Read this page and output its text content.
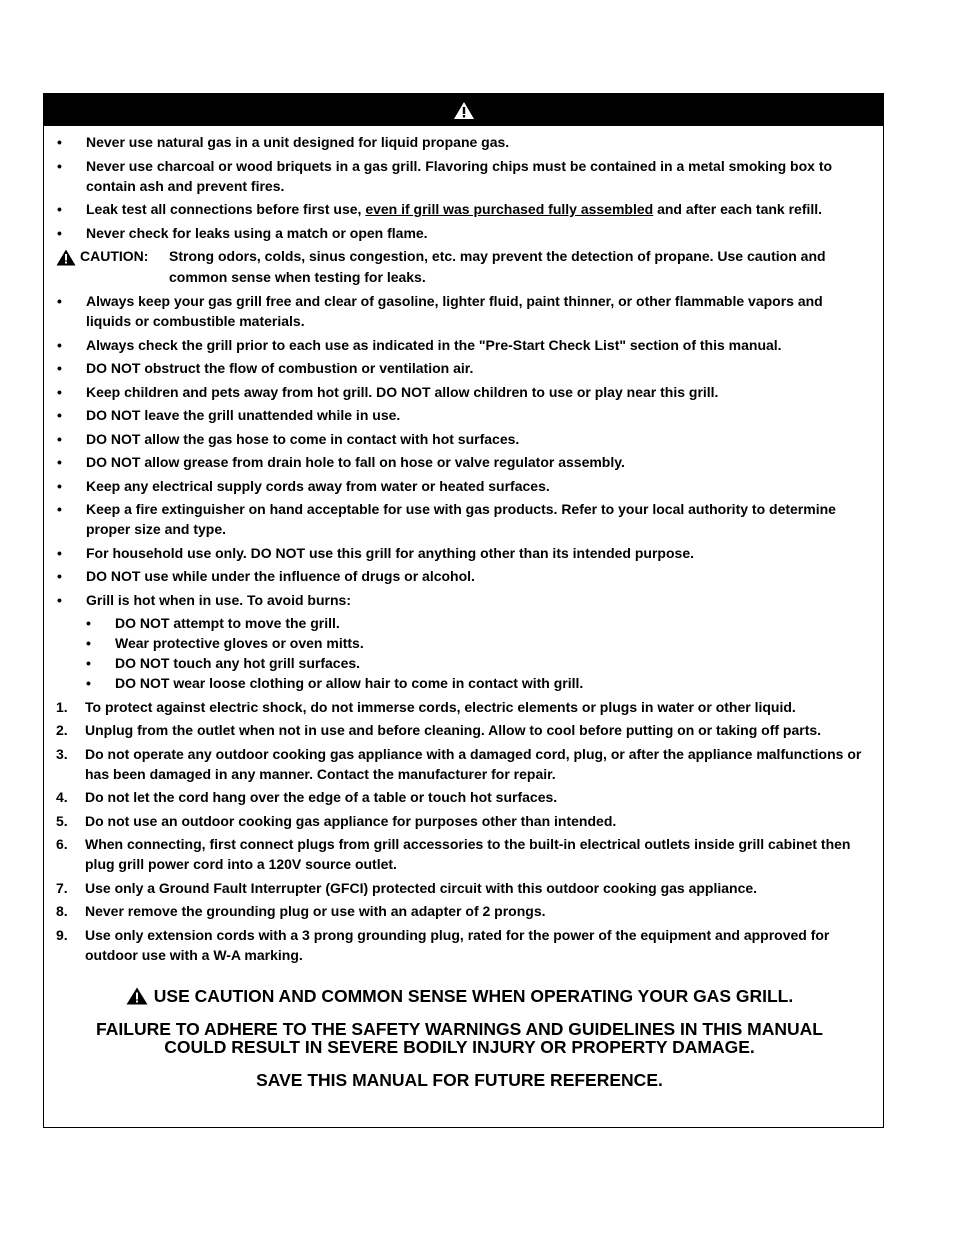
•	Never use natural gas in a unit designed for liquid propane gas.
•	Never use charcoal or wood briquets in a gas grill. Flavoring chips must be contained in a metal smoking box to contain ash and prevent fires.
•	Leak test all connections before first use, even if grill was purchased fully assembled and after each tank refill.
•	Never check for leaks using a match or open flame.
CAUTION: Strong odors, colds, sinus congestion, etc. may prevent the detection of propane. Use caution and common sense when testing for leaks.
•	Always keep your gas grill free and clear of gasoline, lighter fluid, paint thinner, or other flammable vapors and liquids or combustible materials.
•	Always check the grill prior to each use as indicated in the "Pre-Start Check List" section of this manual.
•	DO NOT obstruct the flow of combustion or ventilation air.
•	Keep children and pets away from hot grill. DO NOT allow children to use or play near this grill.
•	DO NOT leave the grill unattended while in use.
•	DO NOT allow the gas hose to come in contact with hot surfaces.
•	DO NOT allow grease from drain hole to fall on hose or valve regulator assembly.
•	Keep any electrical supply cords away from water or heated surfaces.
•	Keep a fire extinguisher on hand acceptable for use with gas products. Refer to your local authority to determine proper size and type.
•	For household use only. DO NOT use this grill for anything other than its intended purpose.
•	DO NOT use while under the influence of drugs or alcohol.
•	Grill is hot when in use. To avoid burns:
•	DO NOT attempt to move the grill.
•	Wear protective gloves or oven mitts.
•	DO NOT touch any hot grill surfaces.
•	DO NOT wear loose clothing or allow hair to come in contact with grill.
1.	To protect against electric shock, do not immerse cords, electric elements or plugs in water or other liquid.
2.	Unplug from the outlet when not in use and before cleaning. Allow to cool before putting on or taking off parts.
3.	Do not operate any outdoor cooking gas appliance with a damaged cord, plug, or after the appliance malfunctions or has been damaged in any manner. Contact the manufacturer for repair.
4.	Do not let the cord hang over the edge of a table or touch hot surfaces.
5.	Do not use an outdoor cooking gas appliance for purposes other than intended.
6.	When connecting, first connect plugs from grill accessories to the built-in electrical outlets inside grill cabinet then plug grill power cord into a 120V source outlet.
7.	Use only a Ground Fault Interrupter (GFCI) protected circuit with this outdoor cooking gas appliance.
8.	Never remove the grounding plug or use with an adapter of 2 prongs.
9.	Use only extension cords with a 3 prong grounding plug, rated for the power of the equipment and approved for outdoor use with a W-A marking.
USE CAUTION AND COMMON SENSE WHEN OPERATING YOUR GAS GRILL.
FAILURE TO ADHERE TO THE SAFETY WARNINGS AND GUIDELINES IN THIS MANUAL COULD RESULT IN SEVERE BODILY INJURY OR PROPERTY DAMAGE.
SAVE THIS MANUAL FOR FUTURE REFERENCE.
